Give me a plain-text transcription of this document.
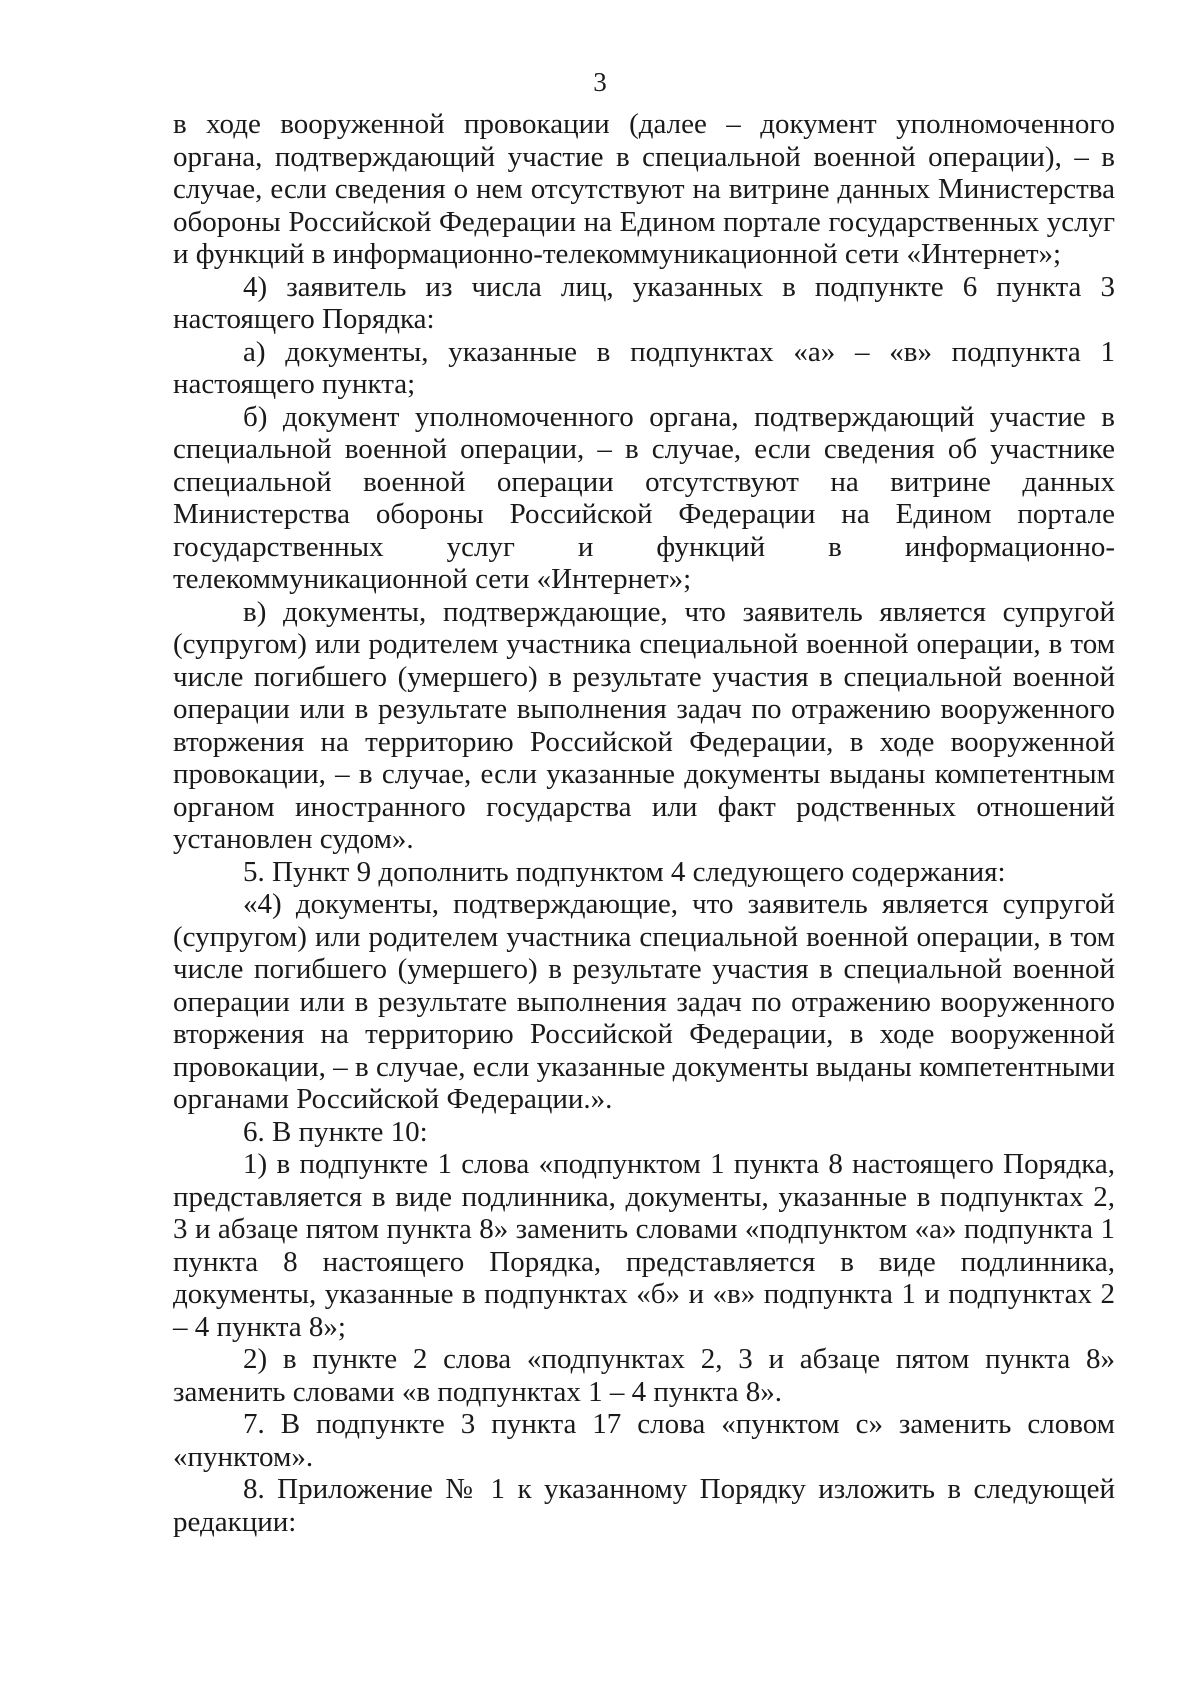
3

в ходе вооруженной провокации (далее – документ уполномоченного органа, подтверждающий участие в специальной военной операции), – в случае, если сведения о нем отсутствуют на витрине данных Министерства обороны Российской Федерации на Едином портале государственных услуг и функций в информационно-телекоммуникационной сети «Интернет»;

4) заявитель из числа лиц, указанных в подпункте 6 пункта 3 настоящего Порядка:

а) документы, указанные в подпунктах «а» – «в» подпункта 1 настоящего пункта;

б) документ уполномоченного органа, подтверждающий участие в специальной военной операции, – в случае, если сведения об участнике специальной военной операции отсутствуют на витрине данных Министерства обороны Российской Федерации на Едином портале государственных услуг и функций в информационно-телекоммуникационной сети «Интернет»;

в) документы, подтверждающие, что заявитель является супругой (супругом) или родителем участника специальной военной операции, в том числе погибшего (умершего) в результате участия в специальной военной операции или в результате выполнения задач по отражению вооруженного вторжения на территорию Российской Федерации, в ходе вооруженной провокации, – в случае, если указанные документы выданы компетентным органом иностранного государства или факт родственных отношений установлен судом».

5. Пункт 9 дополнить подпунктом 4 следующего содержания:

«4) документы, подтверждающие, что заявитель является супругой (супругом) или родителем участника специальной военной операции, в том числе погибшего (умершего) в результате участия в специальной военной операции или в результате выполнения задач по отражению вооруженного вторжения на территорию Российской Федерации, в ходе вооруженной провокации, – в случае, если указанные документы выданы компетентными органами Российской Федерации.».

6. В пункте 10:

1) в подпункте 1 слова «подпунктом 1 пункта 8 настоящего Порядка, представляется в виде подлинника, документы, указанные в подпунктах 2, 3 и абзаце пятом пункта 8» заменить словами «подпунктом «а» подпункта 1 пункта 8 настоящего Порядка, представляется в виде подлинника, документы, указанные в подпунктах «б» и «в» подпункта 1 и подпунктах 2 – 4 пункта 8»;

2) в пункте 2 слова «подпунктах 2, 3 и абзаце пятом пункта 8» заменить словами «в подпунктах 1 – 4 пункта 8».

7. В подпункте 3 пункта 17 слова «пунктом с» заменить словом «пунктом».

8. Приложение № 1 к указанному Порядку изложить в следующей редакции:
